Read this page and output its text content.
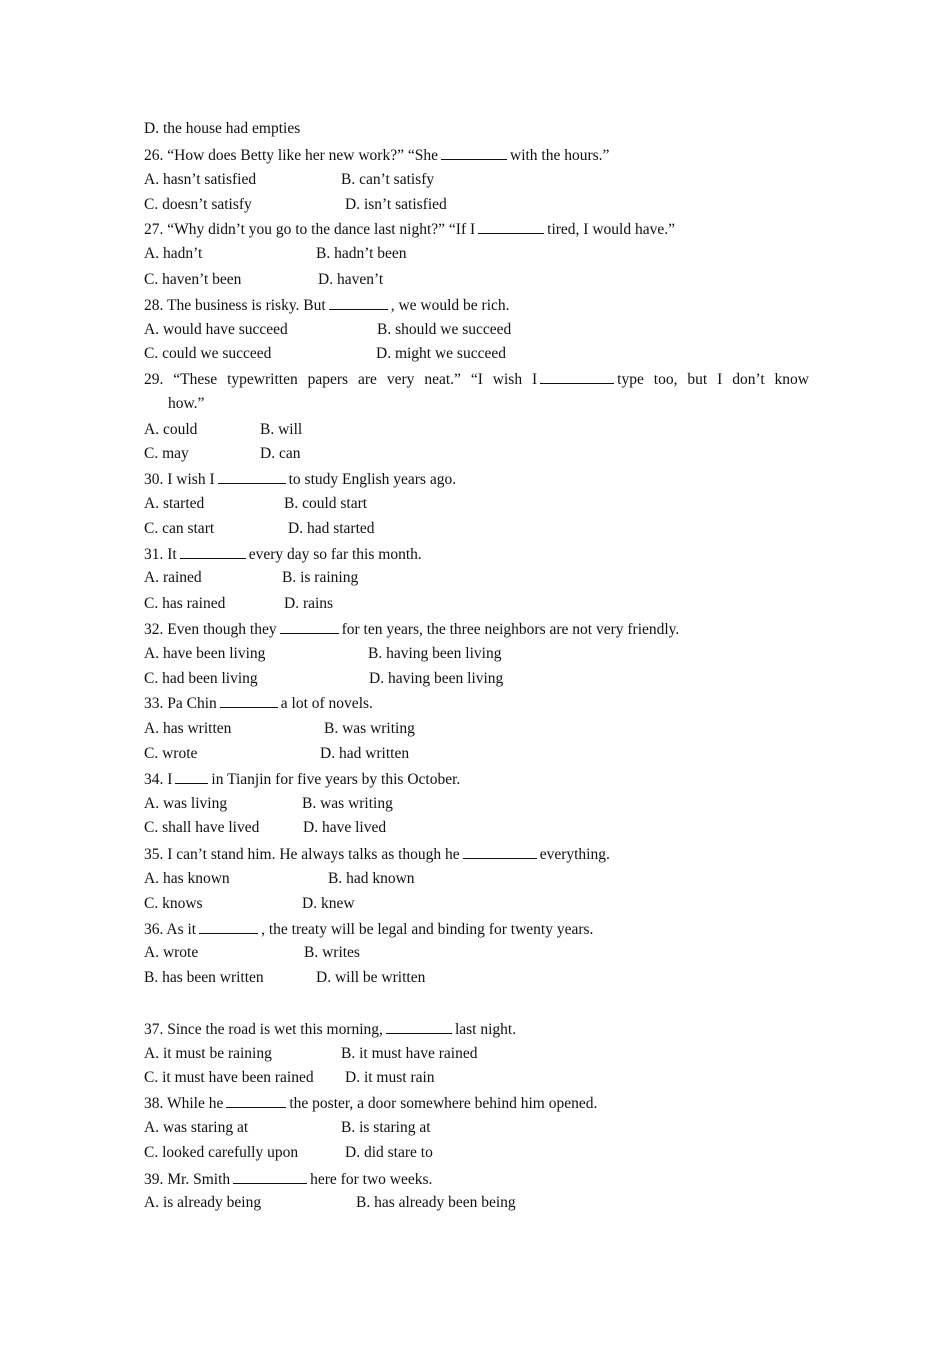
D. the house had empties
26. “How does Betty like her new work?” “She	with the hours.”
A. hasn’t satisfied	B. can’t satisfy
C. doesn’t satisfy	D. isn’t satisfied
27. “Why didn’t you go to the dance last night?” “If I	tired, I would have.”
A. hadn’t	B. hadn’t been
C. haven’t been	D. haven’t
28. The business is risky. But	, we would be rich.
A. would have succeed	B. should we succeed
C. could we succeed	D. might we succeed
29. “These typewritten papers are very neat.” “I wish I	type too, but I don’t know
how.”
A. could	B. will
C. may	D. can
30. I wish I	to study English years ago.
A. started	B. could start
C. can start	D. had started
31. It	every day so far this month.
A. rained	B. is raining
C. has rained	D. rains
32. Even though they	for ten years, the three neighbors are not very friendly.
A. have been living	B. having been living
C. had been living	D. having been living
33. Pa Chin	a lot of novels.
A. has written	B. was writing
C. wrote	D. had written
34. I	in Tianjin for five years by this October.
A. was living	B. was writing
C. shall have lived	D. have lived
35. I can’t stand him. He always talks as though he	everything.
A. has known	B. had known
C. knows	D. knew
36. As it	, the treaty will be legal and binding for twenty years.
A. wrote	B. writes
B. has been written	D. will be written
37. Since the road is wet this morning,	last night.
A. it must be raining	B. it must have rained
C. it must have been rained D. it must rain
38. While he	the poster, a door somewhere behind him opened.
A. was staring at	B. is staring at
C. looked carefully upon	D. did stare to
39. Mr. Smith	here for two weeks.
A. is already being	B. has already been being
